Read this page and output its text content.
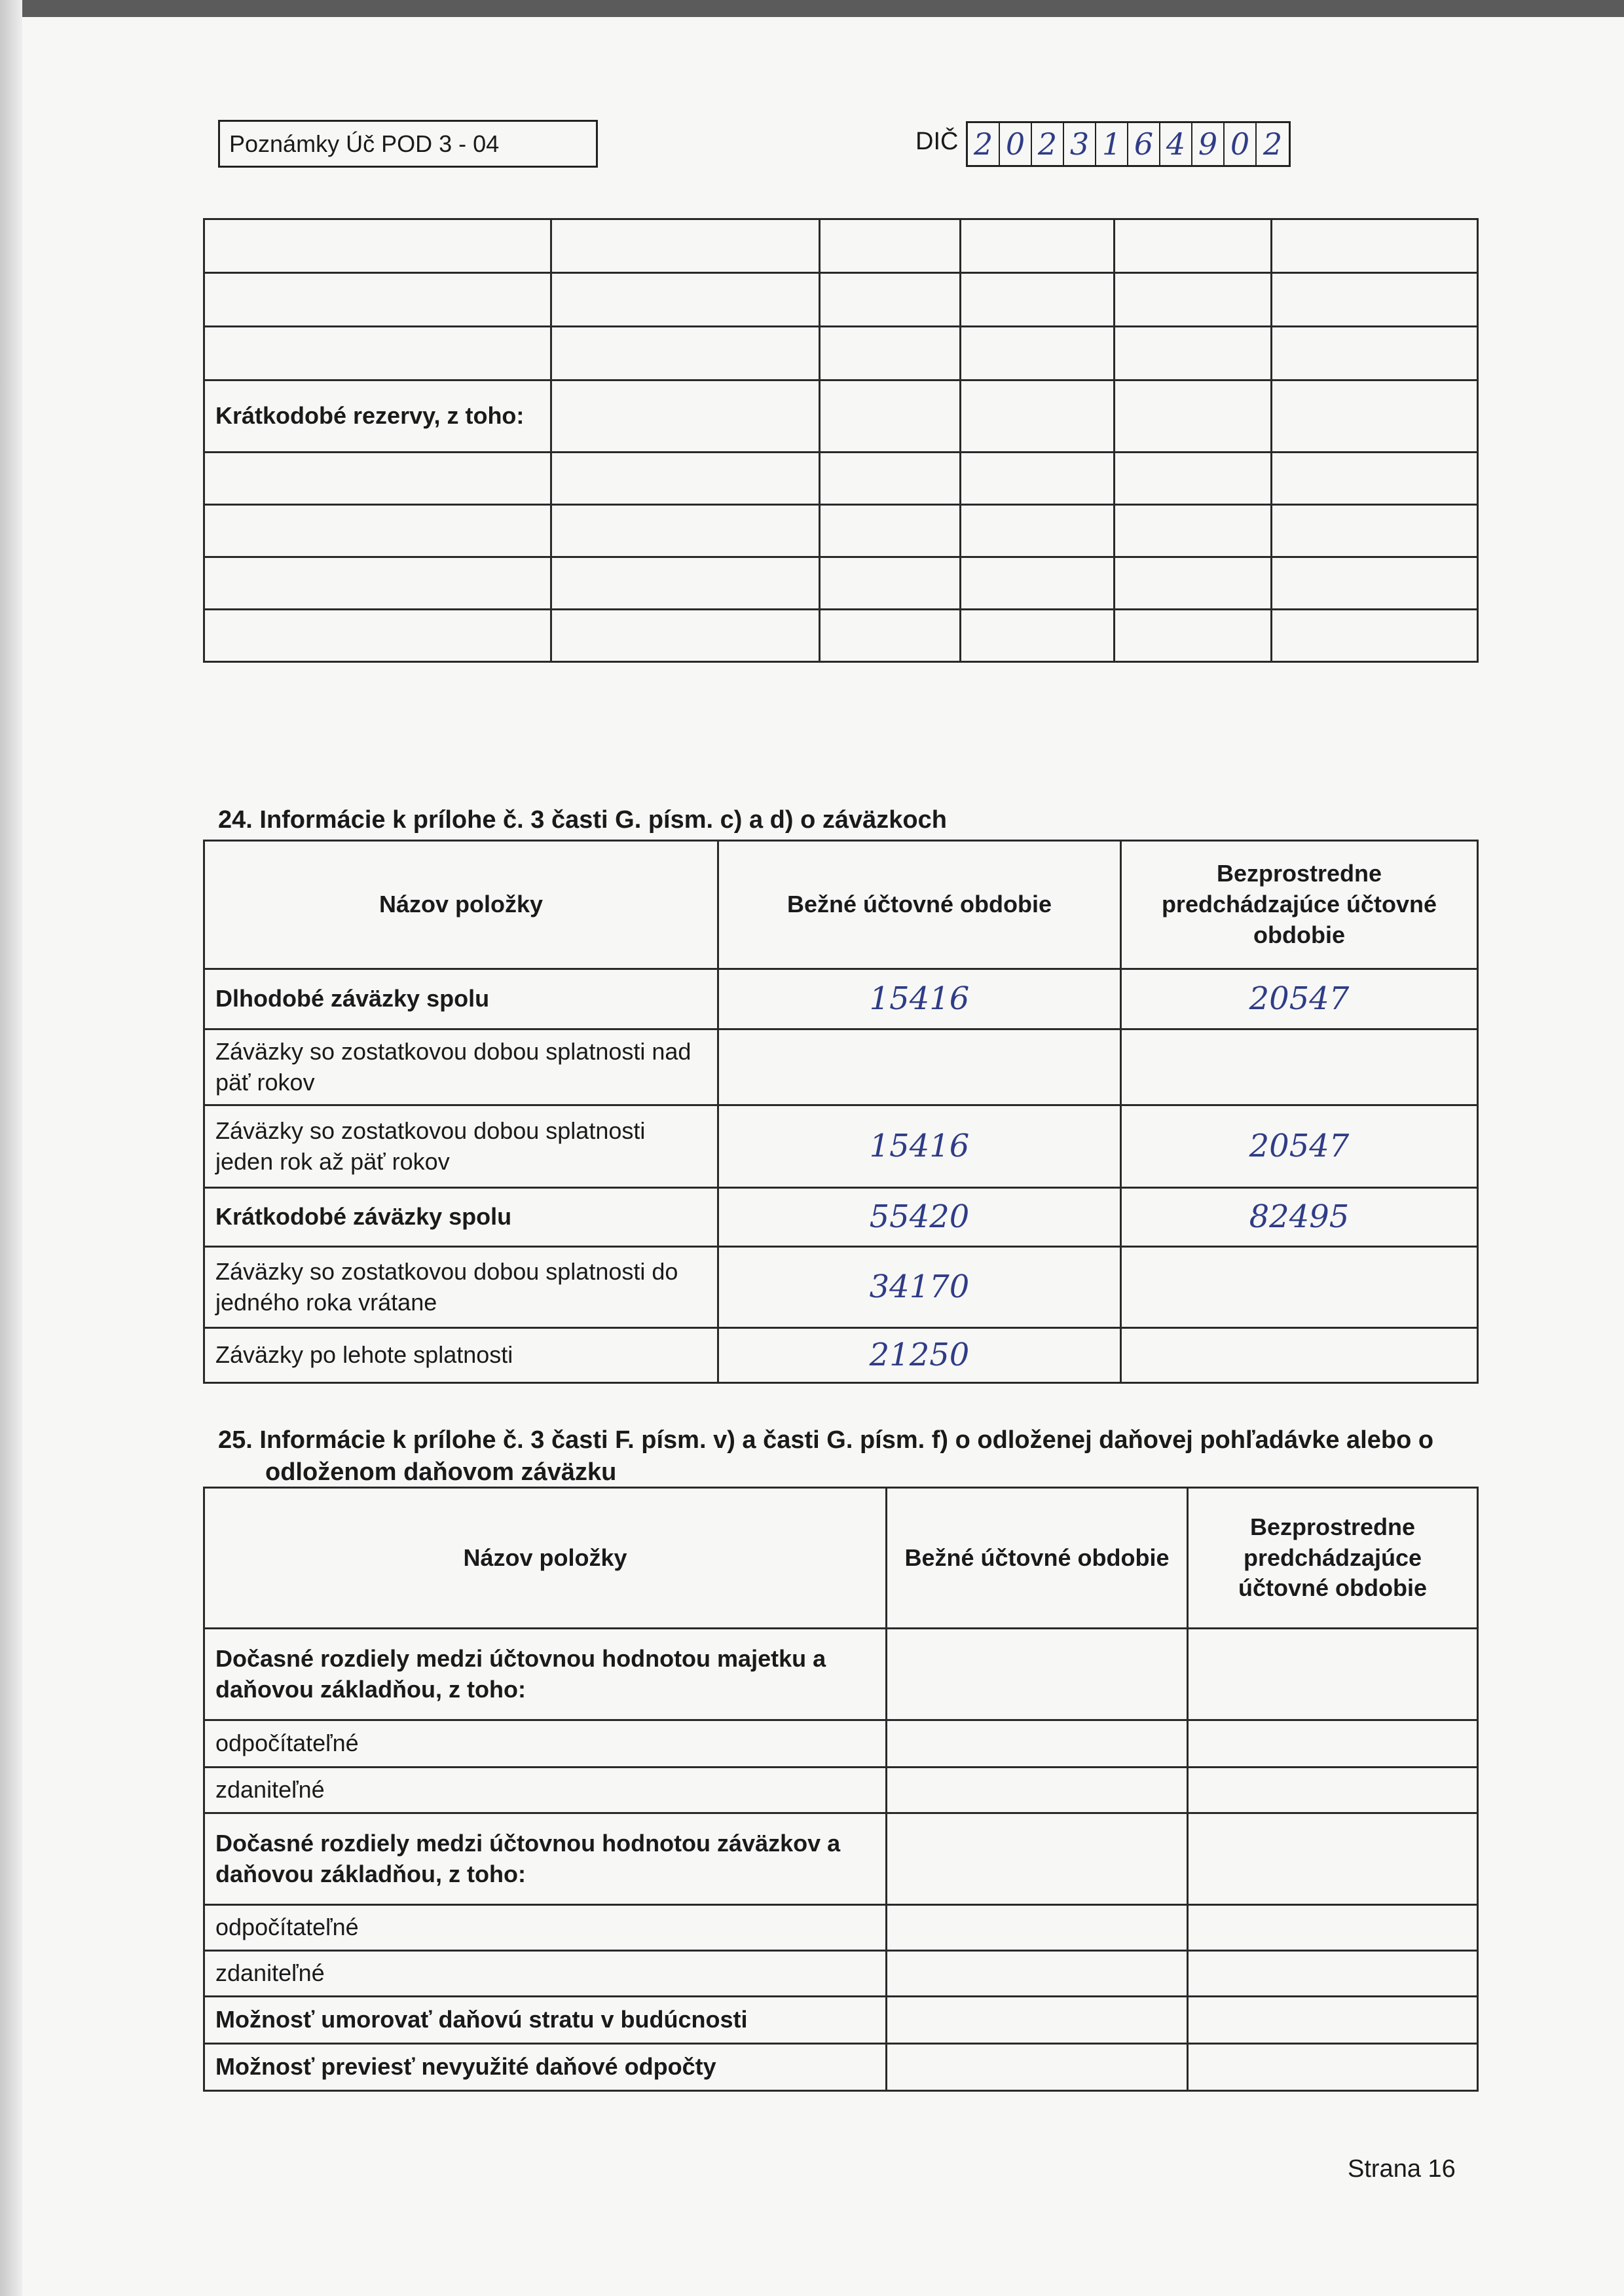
Poznámky Úč POD 3 - 04	DIČ 2 0 2 3 1 6 4 9 0 2

Krátkodobé rezervy, z toho:					

24. Informácie k prílohe č. 3 časti G. písm. c) a d) o záväzkoch
Názov položky	Bežné účtovné obdobie	Bezprostredne predchádzajúce účtovné obdobie
Dlhodobé záväzky spolu	15416	20547
Záväzky so zostatkovou dobou splatnosti nad päť rokov		
Záväzky so zostatkovou dobou splatnosti jeden rok až päť rokov	15416	20547
Krátkodobé záväzky spolu	55420	82495
Záväzky so zostatkovou dobou splatnosti do jedného roka vrátane	34170	
Záväzky po lehote splatnosti	21250	
25. Informácie k prílohe č. 3 časti F. písm. v) a časti G. písm. f) o odloženej daňovej pohľadávke alebo o
odloženom daňovom záväzku
Názov položky	Bežné účtovné obdobie	Bezprostredne predchádzajúce účtovné obdobie
Dočasné rozdiely medzi účtovnou hodnotou majetku a daňovou základňou, z toho:		
odpočítateľné		
zdaniteľné		
Dočasné rozdiely medzi účtovnou hodnotou záväzkov a daňovou základňou, z toho:		
odpočítateľné		
zdaniteľné		
Možnosť umorovať daňovú stratu v budúcnosti		
Možnosť previesť nevyužité daňové odpočty		
Strana 16
